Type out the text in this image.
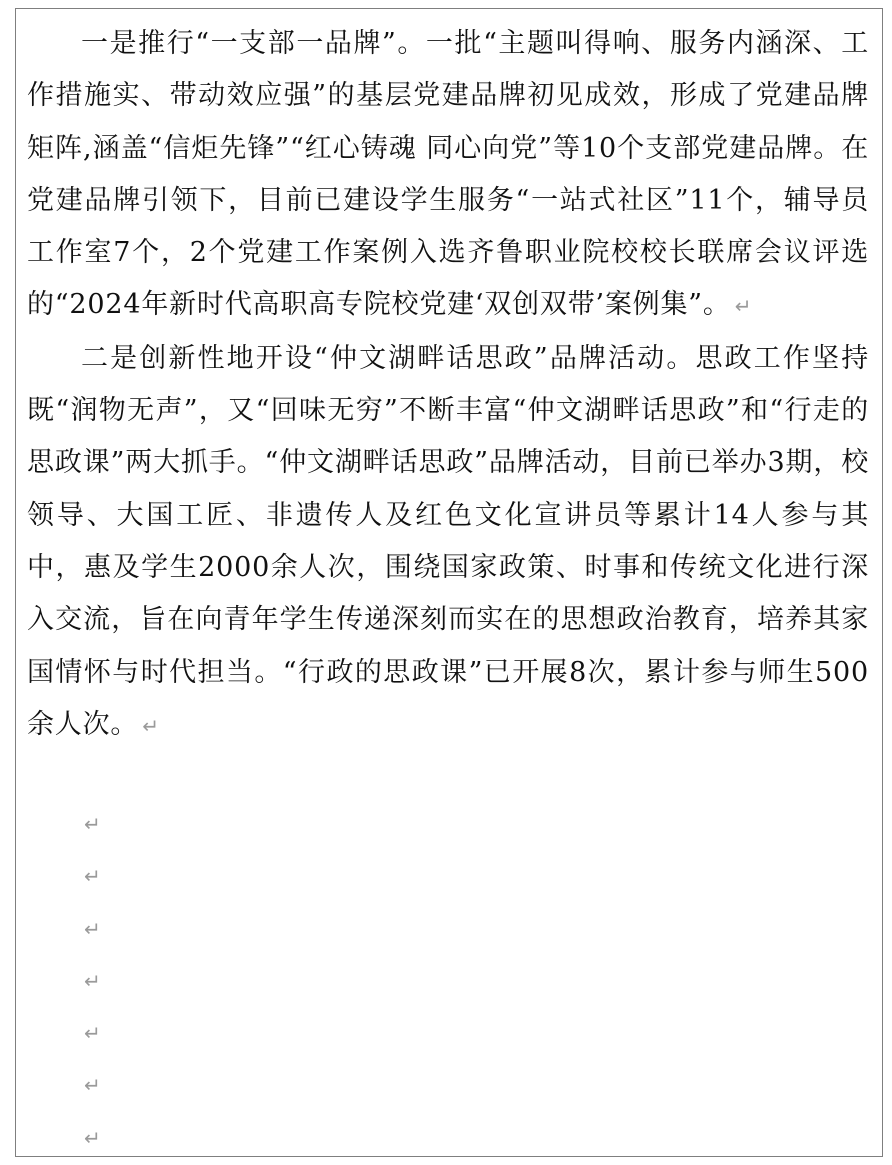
一是推行“一支部一品牌”。一批“主题叫得响、服务内涵深、工作措施实、带动效应强”的基层党建品牌初见成效，形成了党建品牌矩阵,涵盖“信炬先锋”“红心铸魂 同心向党”等10个支部党建品牌。在党建品牌引领下，目前已建设学生服务“一站式社区”11个，辅导员工作室7个，2个党建工作案例入选齐鲁职业院校校长联席会议评选的“2024年新时代高职高专院校党建‘双创双带’案例集”。 ↵

二是创新性地开设“仲文湖畔话思政”品牌活动。思政工作坚持既“润物无声”，又“回味无穷”不断丰富“仲文湖畔话思政”和“行走的思政课”两大抓手。“仲文湖畔话思政”品牌活动，目前已举办3期，校领导、大国工匠、非遗传人及红色文化宣讲员等累计14人参与其中，惠及学生2000余人次，围绕国家政策、时事和传统文化进行深入交流，旨在向青年学生传递深刻而实在的思想政治教育，培养其家国情怀与时代担当。“行政的思政课”已开展8次，累计参与师生500余人次。 ↵

↵
↵
↵
↵
↵
↵
↵
